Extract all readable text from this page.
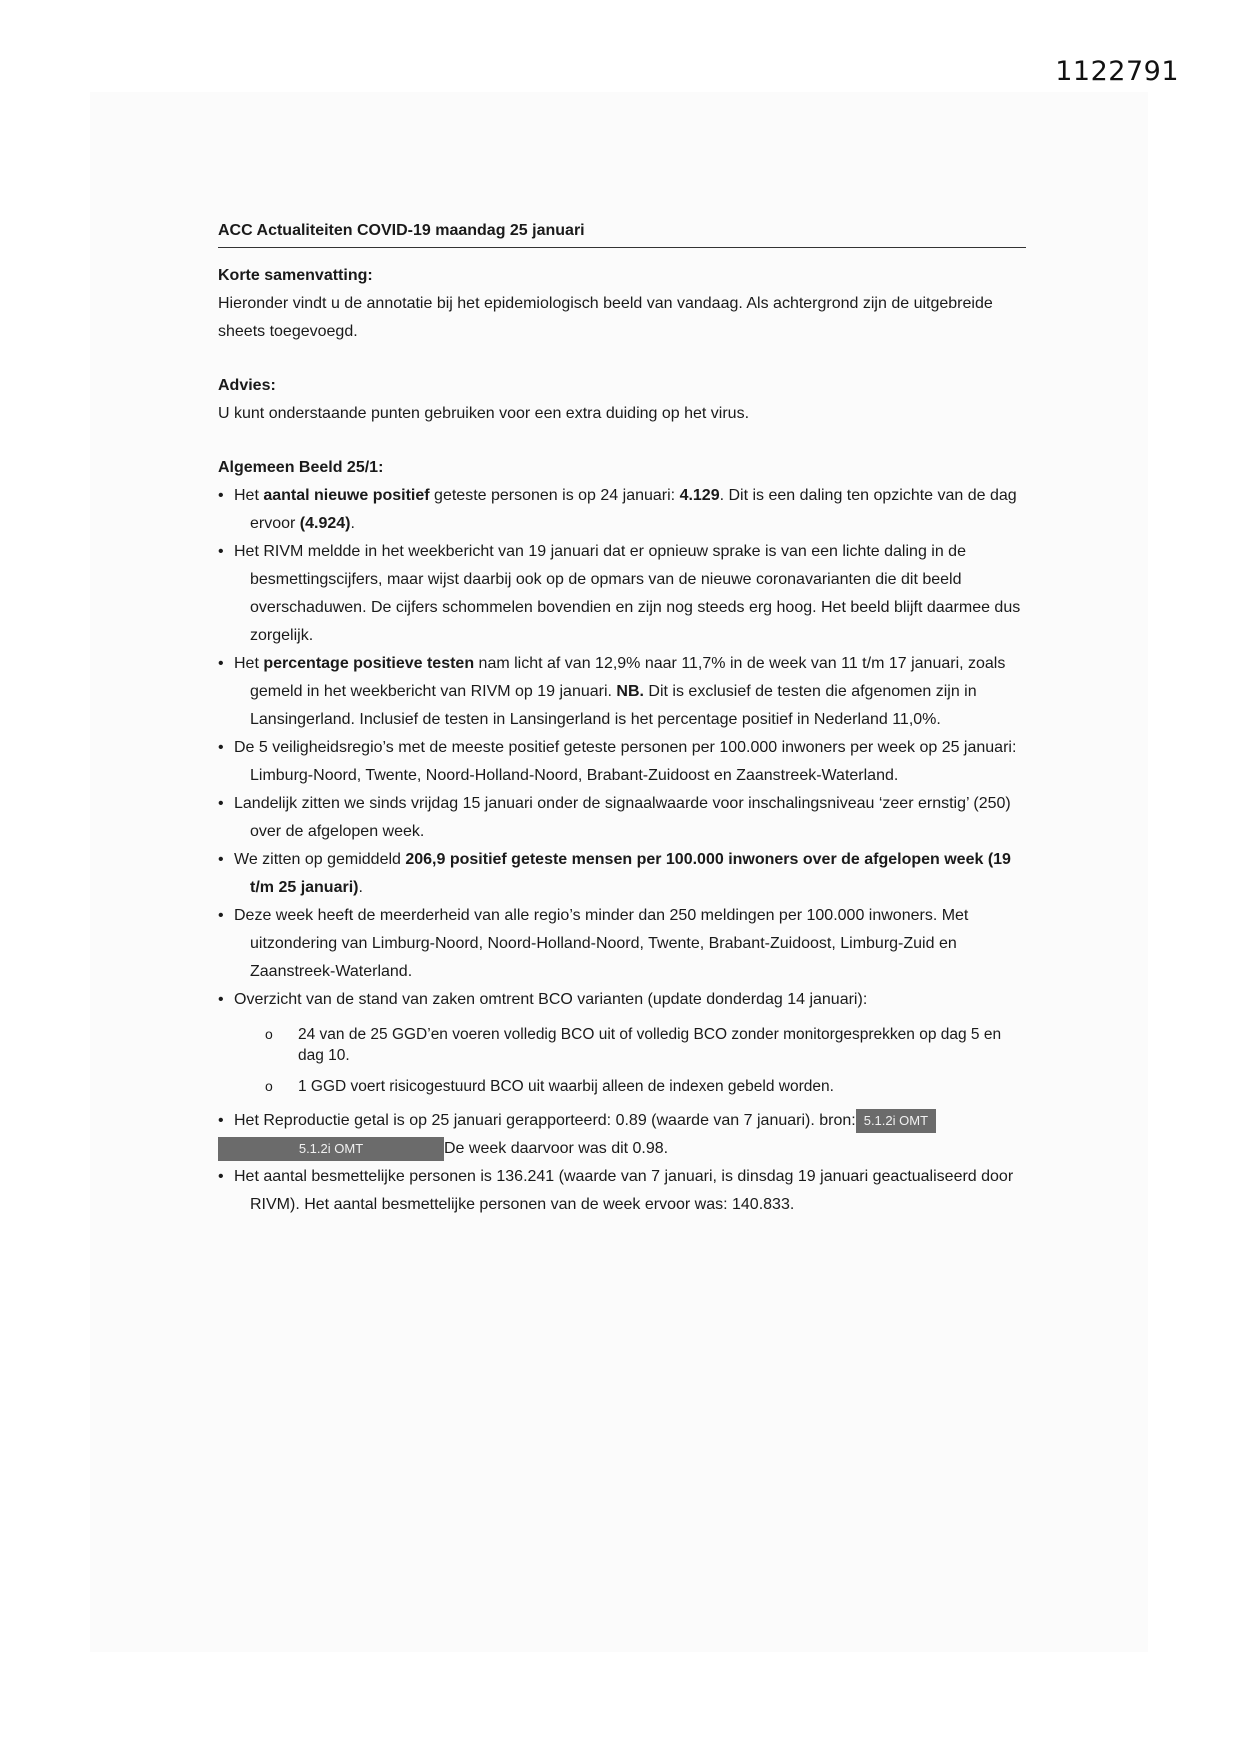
1122791
ACC Actualiteiten COVID-19 maandag 25 januari
Korte samenvatting:
Hieronder vindt u de annotatie bij het epidemiologisch beeld van vandaag. Als achtergrond zijn de uitgebreide sheets toegevoegd.
Advies:
U kunt onderstaande punten gebruiken voor een extra duiding op het virus.
Algemeen Beeld 25/1:
• Het aantal nieuwe positief geteste personen is op 24 januari: 4.129. Dit is een daling ten opzichte van de dag ervoor (4.924).
• Het RIVM meldde in het weekbericht van 19 januari dat er opnieuw sprake is van een lichte daling in de besmettingscijfers, maar wijst daarbij ook op de opmars van de nieuwe coronavarianten die dit beeld overschaduwen. De cijfers schommelen bovendien en zijn nog steeds erg hoog. Het beeld blijft daarmee dus zorgelijk.
• Het percentage positieve testen nam licht af van 12,9% naar 11,7% in de week van 11 t/m 17 januari, zoals gemeld in het weekbericht van RIVM op 19 januari. NB. Dit is exclusief de testen die afgenomen zijn in Lansingerland. Inclusief de testen in Lansingerland is het percentage positief in Nederland 11,0%.
• De 5 veiligheidsregio’s met de meeste positief geteste personen per 100.000 inwoners per week op 25 januari: Limburg-Noord, Twente, Noord-Holland-Noord, Brabant-Zuidoost en Zaanstreek-Waterland.
• Landelijk zitten we sinds vrijdag 15 januari onder de signaalwaarde voor inschalingsniveau ‘zeer ernstig’ (250) over de afgelopen week.
• We zitten op gemiddeld 206,9 positief geteste mensen per 100.000 inwoners over de afgelopen week (19 t/m 25 januari).
• Deze week heeft de meerderheid van alle regio’s minder dan 250 meldingen per 100.000 inwoners. Met uitzondering van Limburg-Noord, Noord-Holland-Noord, Twente, Brabant-Zuidoost, Limburg-Zuid en Zaanstreek-Waterland.
• Overzicht van de stand van zaken omtrent BCO varianten (update donderdag 14 januari):
o 24 van de 25 GGD’en voeren volledig BCO uit of volledig BCO zonder monitorgesprekken op dag 5 en dag 10.
o 1 GGD voert risicogestuurd BCO uit waarbij alleen de indexen gebeld worden.
• Het Reproductie getal is op 25 januari gerapporteerd: 0.89 (waarde van 7 januari). bron: 5.1.2i OMT
5.1.2i OMT	De week daarvoor was dit 0.98.
• Het aantal besmettelijke personen is 136.241 (waarde van 7 januari, is dinsdag 19 januari geactualiseerd door RIVM). Het aantal besmettelijke personen van de week ervoor was: 140.833.
